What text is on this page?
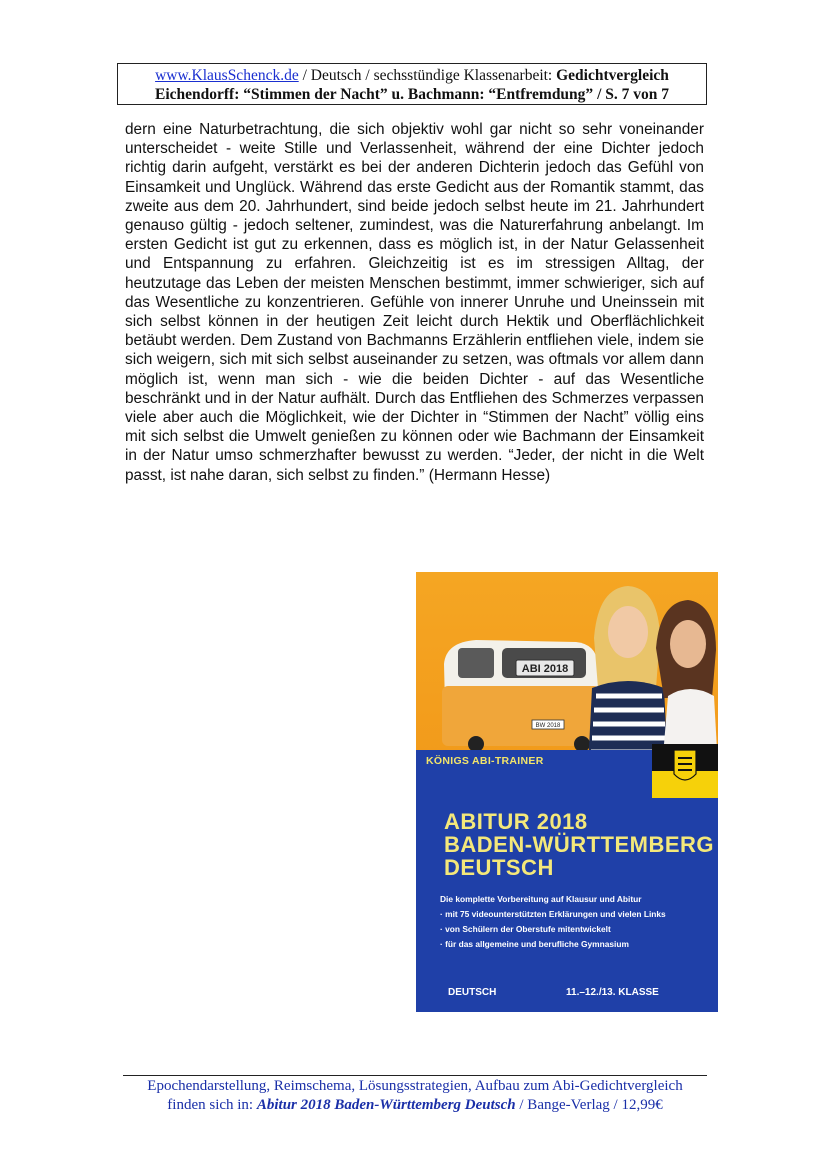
www.KlausSchenck.de / Deutsch / sechsstündige Klassenarbeit: Gedichtvergleich
Eichendorff: “Stimmen der Nacht” u. Bachmann: “Entfremdung” / S. 7 von 7

dern eine Naturbetrachtung, die sich objektiv wohl gar nicht so sehr voneinander unterscheidet - weite Stille und Verlassenheit, während der eine Dichter jedoch richtig darin aufgeht, verstärkt es bei der anderen Dichterin jedoch das Gefühl von Einsamkeit und Unglück. Während das erste Gedicht aus der Romantik stammt, das zweite aus dem 20. Jahrhundert, sind beide jedoch selbst heute im 21. Jahrhundert genauso gültig - jedoch seltener, zumindest, was die Naturerfahrung anbelangt. Im ersten Gedicht ist gut zu erkennen, dass es möglich ist, in der Natur Gelassenheit und Entspannung zu erfahren. Gleichzeitig ist es im stressigen Alltag, der heutzutage das Leben der meisten Menschen bestimmt, immer schwieriger, sich auf das Wesentliche zu konzentrieren. Gefühle von innerer Unruhe und Uneinssein mit sich selbst können in der heutigen Zeit leicht durch Hektik und Oberflächlichkeit betäubt werden. Dem Zustand von Bachmanns Erzählerin entfliehen viele, indem sie sich weigern, sich mit sich selbst auseinander zu setzen, was oftmals vor allem dann möglich ist, wenn man sich - wie die beiden Dichter - auf das Wesentliche beschränkt und in der Natur aufhält. Durch das Entfliehen des Schmerzes verpassen viele aber auch die Möglichkeit, wie der Dichter in “Stimmen der Nacht” völlig eins mit sich selbst die Umwelt genießen zu können oder wie Bachmann der Einsamkeit in der Natur umso schmerzhafter bewusst zu werden. “Jeder, der nicht in die Welt passt, ist nahe daran, sich selbst zu finden.” (Hermann Hesse)

ABI 2018
BW 2018
KÖNIGS ABI-TRAINER
ABITUR 2018
BADEN-WÜRTTEMBERG
DEUTSCH
Die komplette Vorbereitung auf Klausur und Abitur
· mit 75 videounterstützten Erklärungen und vielen Links
· von Schülern der Oberstufe mitentwickelt
· für das allgemeine und berufliche Gymnasium
DEUTSCH	11.–12./13. KLASSE
Epochendarstellung, Reimschema, Lösungsstrategien, Aufbau zum Abi-Gedichtvergleich
finden sich in: Abitur 2018 Baden-Württemberg Deutsch / Bange-Verlag / 12,99€
